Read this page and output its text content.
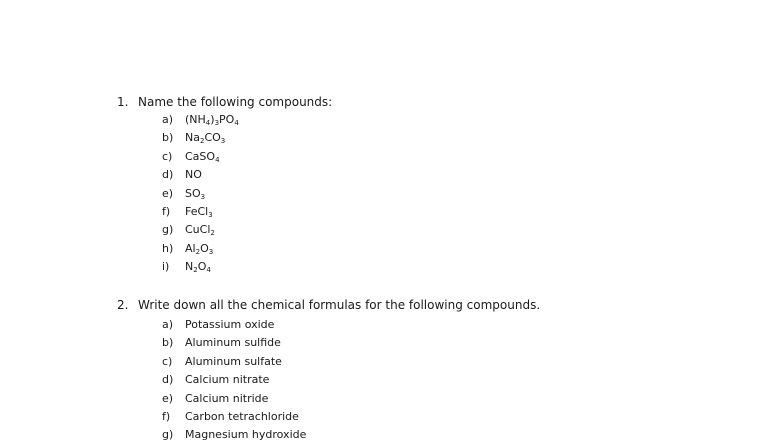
1. Name the following compounds:
a) $(NH_4)_3PO_4$
b) $Na_2CO_3$
c) CaSO$_4$
d) NO
e) $SO_3$
f) FeCl$_3$
g) CuCl$_2$
h) $Al_2O_3$
i) $N_2O_4$
2. Write down all the chemical formulas for the following compounds.
a) Potassium oxide
b) Aluminum sulfide
c) Aluminum sulfate
d) Calcium nitrate
e) Calcium nitride
f) Carbon tetrachloride
g) Magnesium hydroxide
